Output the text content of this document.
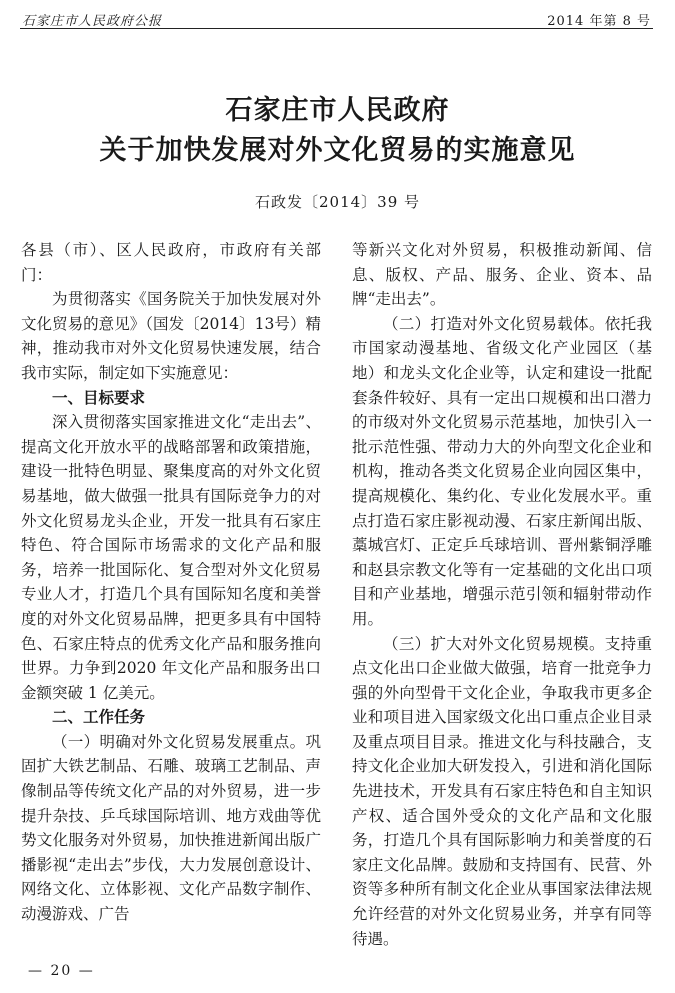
石家庄市人民政府公报	2014 年第 8 号
石家庄市人民政府
关于加快发展对外文化贸易的实施意见
石政发〔2014〕39 号

各县（市）、区人民政府，市政府有关部门：

为贯彻落实《国务院关于加快发展对外文化贸易的意见》（国发〔2014〕13号）精神，推动我市对外文化贸易快速发展，结合我市实际，制定如下实施意见：

一、目标要求

深入贯彻落实国家推进文化“走出去”、提高文化开放水平的战略部署和政策措施，建设一批特色明显、聚集度高的对外文化贸易基地，做大做强一批具有国际竞争力的对外文化贸易龙头企业，开发一批具有石家庄特色、符合国际市场需求的文化产品和服务，培养一批国际化、复合型对外文化贸易专业人才，打造几个具有国际知名度和美誉度的对外文化贸易品牌，把更多具有中国特色、石家庄特点的优秀文化产品和服务推向世界。力争到2020 年文化产品和服务出口金额突破 1 亿美元。

二、工作任务

（一）明确对外文化贸易发展重点。巩固扩大铁艺制品、石雕、玻璃工艺制品、声像制品等传统文化产品的对外贸易，进一步提升杂技、乒乓球国际培训、地方戏曲等优势文化服务对外贸易，加快推进新闻出版广播影视“走出去”步伐，大力发展创意设计、网络文化、立体影视、文化产品数字制作、动漫游戏、广告

等新兴文化对外贸易，积极推动新闻、信息、版权、产品、服务、企业、资本、品牌“走出去”。

（二）打造对外文化贸易载体。依托我市国家动漫基地、省级文化产业园区（基地）和龙头文化企业等，认定和建设一批配套条件较好、具有一定出口规模和出口潜力的市级对外文化贸易示范基地，加快引入一批示范性强、带动力大的外向型文化企业和机构，推动各类文化贸易企业向园区集中，提高规模化、集约化、专业化发展水平。重点打造石家庄影视动漫、石家庄新闻出版、藁城宫灯、正定乒乓球培训、晋州紫铜浮雕和赵县宗教文化等有一定基础的文化出口项目和产业基地，增强示范引领和辐射带动作用。

（三）扩大对外文化贸易规模。支持重点文化出口企业做大做强，培育一批竞争力强的外向型骨干文化企业，争取我市更多企业和项目进入国家级文化出口重点企业目录及重点项目目录。推进文化与科技融合，支持文化企业加大研发投入，引进和消化国际先进技术，开发具有石家庄特色和自主知识产权、适合国外受众的文化产品和文化服务，打造几个具有国际影响力和美誉度的石家庄文化品牌。鼓励和支持国有、民营、外资等多种所有制文化企业从事国家法律法规允许经营的对外文化贸易业务，并享有同等待遇。

— 20 —
